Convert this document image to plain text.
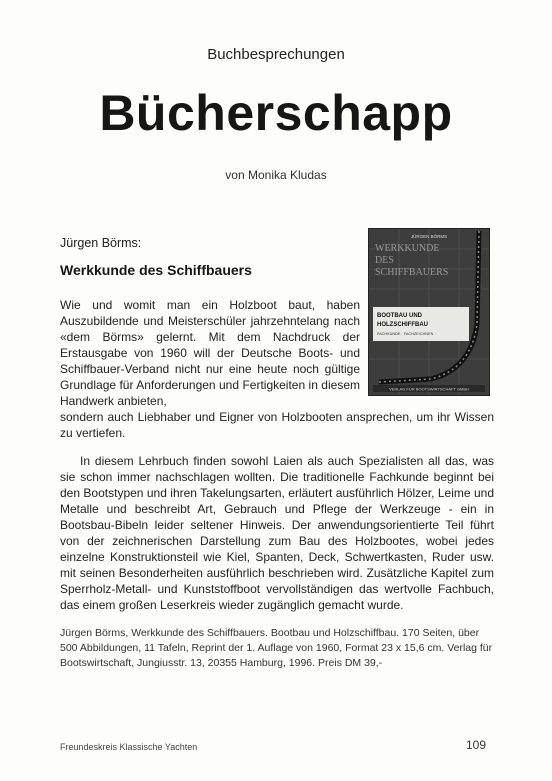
Buchbesprechungen
Bücherschapp
von Monika Kludas
Jürgen Börms:
Werkkunde des Schiffbauers
JÜRGEN BÖRMS
WERKKUNDE
DES
SCHIFFBAUERS
BOOTBAU UND
HOLZSCHIFFBAU
FACHKUNDE · FACHZEICHNEN
VERLAG FÜR BOOTSWIRTSCHAFT GMBH

Wie und womit man ein Holzboot baut, haben Auszubildende und Meisterschüler jahrzehntelang nach «dem Börms» gelernt. Mit dem Nachdruck der Erstausgabe von 1960 will der Deutsche Boots- und Schiffbauer-Verband nicht nur eine heute noch gültige Grundlage für Anforderungen und Fertigkeiten in diesem Handwerk anbieten,
sondern auch Liebhaber und Eigner von Holzbooten ansprechen, um ihr Wissen zu vertiefen.

In diesem Lehrbuch finden sowohl Laien als auch Spezialisten all das, was sie schon immer nachschlagen wollten. Die traditionelle Fachkunde beginnt bei den Bootstypen und ihren Takelungsarten, erläutert ausführlich Hölzer, Leime und Metalle und beschreibt Art, Gebrauch und Pflege der Werkzeuge - ein in Bootsbau-Bibeln leider seltener Hinweis. Der anwendungsorientierte Teil führt von der zeichnerischen Darstellung zum Bau des Holzbootes, wobei jedes einzelne Konstruktionsteil wie Kiel, Spanten, Deck, Schwertkasten, Ruder usw. mit seinen Besonderheiten ausführlich beschrieben wird. Zusätzliche Kapitel zum Sperrholz-Metall- und Kunststoffboot vervollständigen das wertvolle Fachbuch, das einem großen Leserkreis wieder zugänglich gemacht wurde.

Jürgen Börms, Werkkunde des Schiffbauers. Bootbau und Holzschiffbau. 170 Seiten, über 500 Abbildungen, 11 Tafeln, Reprint der 1. Auflage von 1960, Format 23 x 15,6 cm. Verlag für Bootswirtschaft, Jungiusstr. 13, 20355 Hamburg, 1996. Preis DM 39,-

Freundeskreis Klassische Yachten	109
